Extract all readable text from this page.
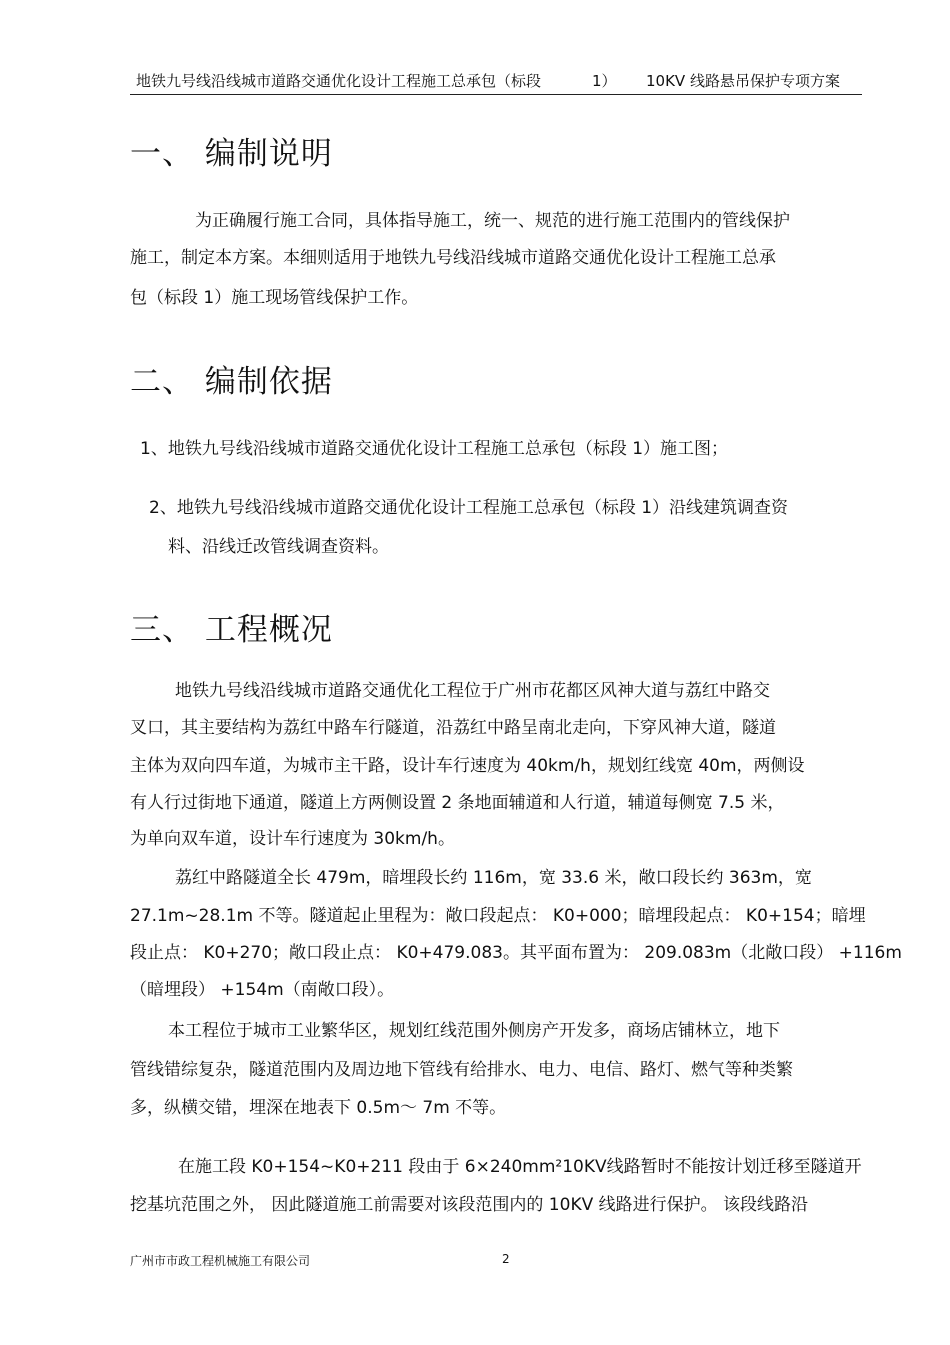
地铁九号线沿线城市道路交通优化设计工程施工总承包（标段	1） 10KV 线路悬吊保护专项方案
一、 编制说明

为正确履行施工合同，具体指导施工，统一、规范的进行施工范围内的管线保护

施工，制定本方案。本细则适用于地铁九号线沿线城市道路交通优化设计工程施工总承

包（标段 1）施工现场管线保护工作。

二、 编制依据

1、地铁九号线沿线城市道路交通优化设计工程施工总承包（标段 1）施工图；

2、地铁九号线沿线城市道路交通优化设计工程施工总承包（标段 1）沿线建筑调查资

料、沿线迁改管线调查资料。

三、 工程概况

地铁九号线沿线城市道路交通优化工程位于广州市花都区风神大道与荔红中路交

叉口，其主要结构为荔红中路车行隧道，沿荔红中路呈南北走向，下穿风神大道，隧道

主体为双向四车道，为城市主干路，设计车行速度为 40km/h，规划红线宽 40m，两侧设

有人行过街地下通道，隧道上方两侧设置 2 条地面辅道和人行道，辅道每侧宽 7.5 米，

为单向双车道，设计车行速度为 30km/h。

荔红中路隧道全长 479m，暗埋段长约 116m，宽 33.6 米，敞口段长约 363m，宽

27.1m~28.1m 不等。隧道起止里程为：敞口段起点： K0+000；暗埋段起点： K0+154；暗埋

段止点： K0+270；敞口段止点： K0+479.083。其平面布置为： 209.083m（北敞口段） +116m

（暗埋段） +154m（南敞口段）。

本工程位于城市工业繁华区，规划红线范围外侧房产开发多，商场店铺林立，地下

管线错综复杂，隧道范围内及周边地下管线有给排水、电力、电信、路灯、燃气等种类繁

多，纵横交错，埋深在地表下 0.5m～ 7m 不等。

在施工段 K0+154~K0+211 段由于 6×240mm²10KV线路暂时不能按计划迁移至隧道开

挖基坑范围之外， 因此隧道施工前需要对该段范围内的 10KV 线路进行保护。 该段线路沿

广州市市政工程机械施工有限公司	2
